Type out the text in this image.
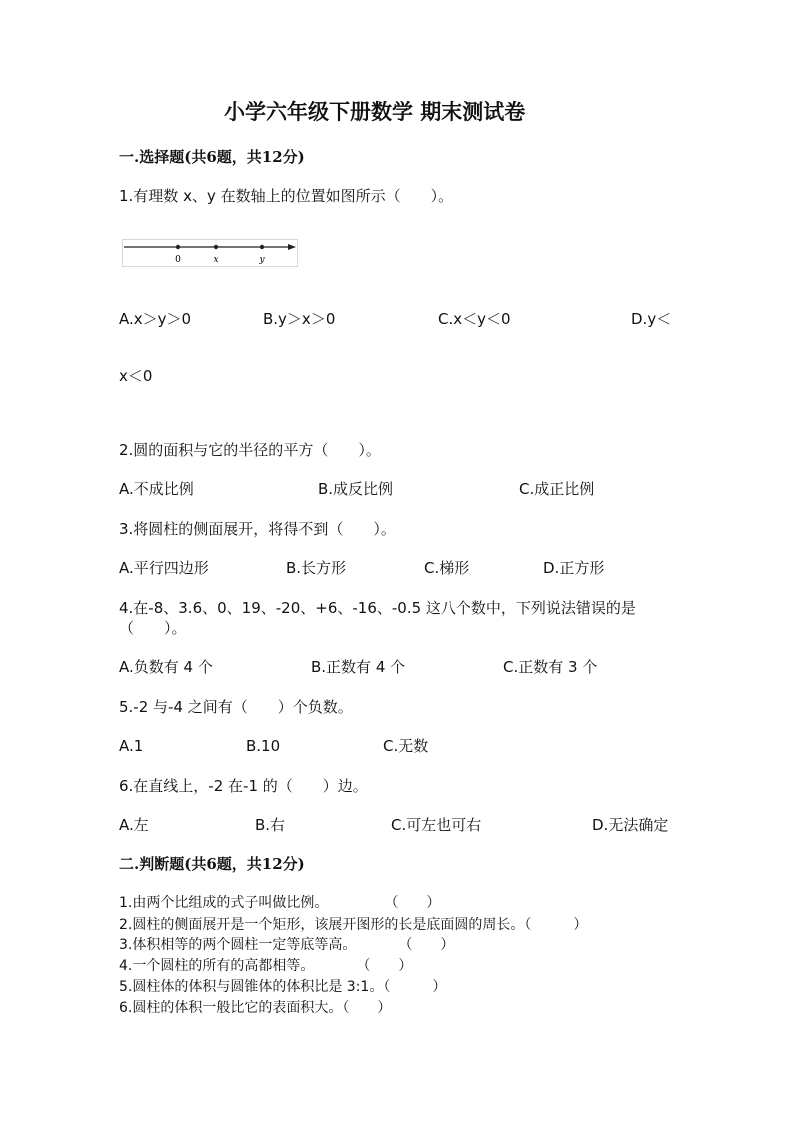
小学六年级下册数学 期末测试卷
一.选择题(共6题，共12分)
1.有理数 x、y 在数轴上的位置如图所示（　　）。
0	x	y
A.x＞y＞0	B.y＞x＞0	C.x＜y＜0	D.y＜
x＜0
2.圆的面积与它的半径的平方（　　）。
A.不成比例	B.成反比例	C.成正比例
3.将圆柱的侧面展开，将得不到（　　）。
A.平行四边形	B.长方形	C.梯形	D.正方形
4.在-8、3.6、0、19、-20、+6、-16、-0.5 这八个数中，下列说法错误的是
（　　）。
A.负数有 4 个	B.正数有 4 个	C.正数有 3 个
5.-2 与-4 之间有（　　）个负数。
A.1	B.10	C.无数
6.在直线上，-2 在-1 的（　　）边。
A.左	B.右	C.可左也可右	D.无法确定
二.判断题(共6题，共12分)
1.由两个比组成的式子叫做比例。　　　　　（　　）
2.圆柱的侧面展开是一个矩形，该展开图形的长是底面圆的周长。（　　　）
3.体积相等的两个圆柱一定等底等高。　　　　（　　）
4.一个圆柱的所有的高都相等。　　　　（　　）
5.圆柱体的体积与圆锥体的体积比是 3:1。（　　　）
6.圆柱的体积一般比它的表面积大。（　　）
